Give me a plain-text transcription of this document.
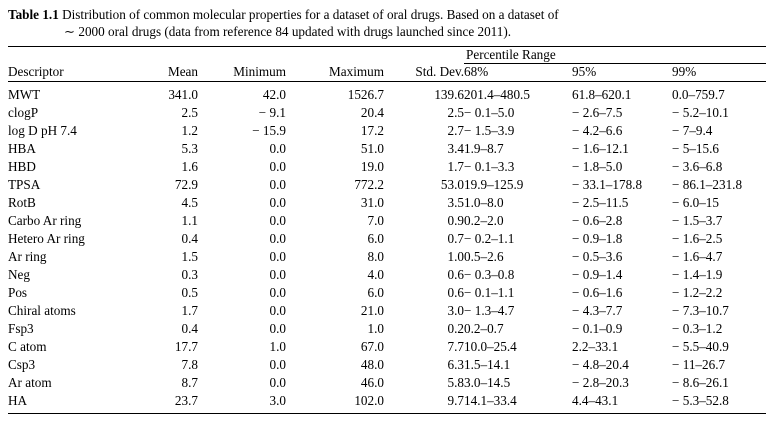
Table 1.1 Distribution of common molecular properties for a dataset of oral drugs. Based on a dataset of
∼ 2000 oral drugs (data from reference 84 updated with drugs launched since 2011).
					Percentile Range		
Descriptor	Mean	Minimum	Maximum	Std. Dev.	68%	95%	99%

MWT	341.0	42.0	1526.7	139.6	201.4–480.5	61.8–620.1	0.0–759.7
clogP	2.5	− 9.1	20.4	2.5	− 0.1–5.0	− 2.6–7.5	− 5.2–10.1
log D pH 7.4	1.2	− 15.9	17.2	2.7	− 1.5–3.9	− 4.2–6.6	− 7–9.4
HBA	5.3	0.0	51.0	3.4	1.9–8.7	− 1.6–12.1	− 5–15.6
HBD	1.6	0.0	19.0	1.7	− 0.1–3.3	− 1.8–5.0	− 3.6–6.8
TPSA	72.9	0.0	772.2	53.0	19.9–125.9	− 33.1–178.8	− 86.1–231.8
RotB	4.5	0.0	31.0	3.5	1.0–8.0	− 2.5–11.5	− 6.0–15
Carbo Ar ring	1.1	0.0	7.0	0.9	0.2–2.0	− 0.6–2.8	− 1.5–3.7
Hetero Ar ring	0.4	0.0	6.0	0.7	− 0.2–1.1	− 0.9–1.8	− 1.6–2.5
Ar ring	1.5	0.0	8.0	1.0	0.5–2.6	− 0.5–3.6	− 1.6–4.7
Neg	0.3	0.0	4.0	0.6	− 0.3–0.8	− 0.9–1.4	− 1.4–1.9
Pos	0.5	0.0	6.0	0.6	− 0.1–1.1	− 0.6–1.6	− 1.2–2.2
Chiral atoms	1.7	0.0	21.0	3.0	− 1.3–4.7	− 4.3–7.7	− 7.3–10.7
Fsp3	0.4	0.0	1.0	0.2	0.2–0.7	− 0.1–0.9	− 0.3–1.2
C atom	17.7	1.0	67.0	7.7	10.0–25.4	2.2–33.1	− 5.5–40.9
Csp3	7.8	0.0	48.0	6.3	1.5–14.1	− 4.8–20.4	− 11–26.7
Ar atom	8.7	0.0	46.0	5.8	3.0–14.5	− 2.8–20.3	− 8.6–26.1
HA	23.7	3.0	102.0	9.7	14.1–33.4	4.4–43.1	− 5.3–52.8
